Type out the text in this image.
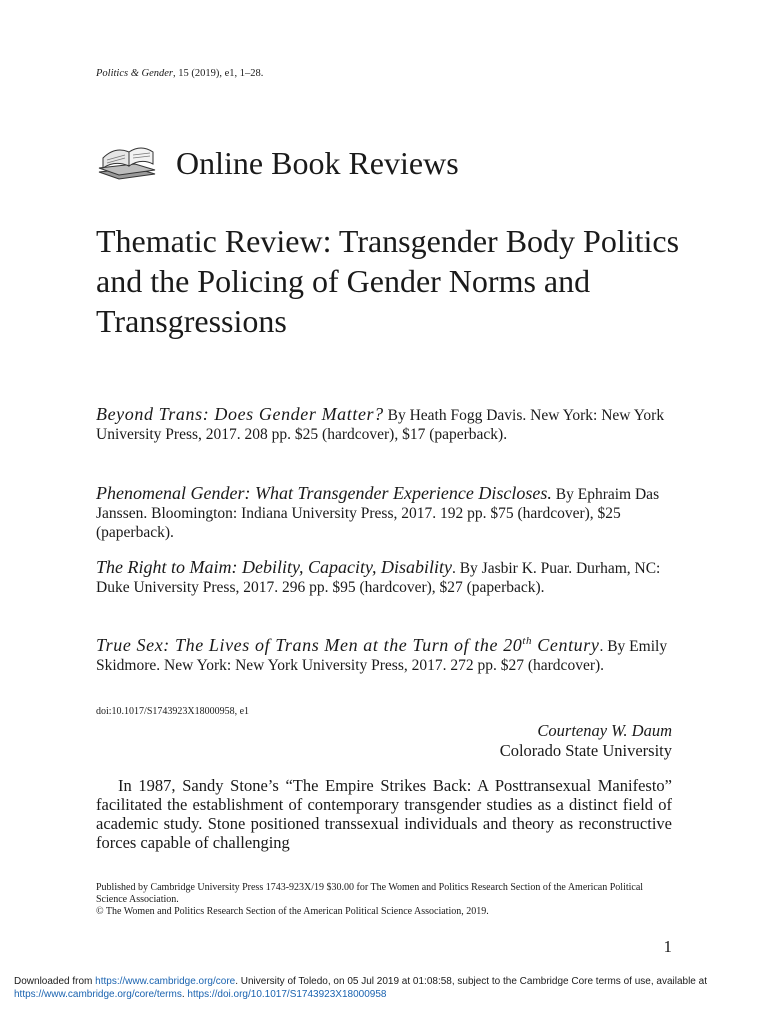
Politics & Gender, 15 (2019), e1, 1–28.
Online Book Reviews
Thematic Review: Transgender Body Politics and the Policing of Gender Norms and Transgressions
Beyond Trans: Does Gender Matter? By Heath Fogg Davis. New York: New York University Press, 2017. 208 pp. $25 (hardcover), $17 (paperback).
Phenomenal Gender: What Transgender Experience Discloses. By Ephraim Das Janssen. Bloomington: Indiana University Press, 2017. 192 pp. $75 (hardcover), $25 (paperback).
The Right to Maim: Debility, Capacity, Disability. By Jasbir K. Puar. Durham, NC: Duke University Press, 2017. 296 pp. $95 (hardcover), $27 (paperback).
True Sex: The Lives of Trans Men at the Turn of the 20th Century. By Emily Skidmore. New York: New York University Press, 2017. 272 pp. $27 (hardcover).
doi:10.1017/S1743923X18000958, e1
Courtenay W. Daum
Colorado State University

In 1987, Sandy Stone’s “The Empire Strikes Back: A Posttransexual Manifesto” facilitated the establishment of contemporary transgender studies as a distinct field of academic study. Stone positioned transsexual individuals and theory as reconstructive forces capable of challenging

Published by Cambridge University Press 1743-923X/19 $30.00 for The Women and Politics Research Section of the American Political Science Association.
© The Women and Politics Research Section of the American Political Science Association, 2019.
1
Downloaded from https://www.cambridge.org/core. University of Toledo, on 05 Jul 2019 at 01:08:58, subject to the Cambridge Core terms of use, available at https://www.cambridge.org/core/terms. https://doi.org/10.1017/S1743923X18000958
